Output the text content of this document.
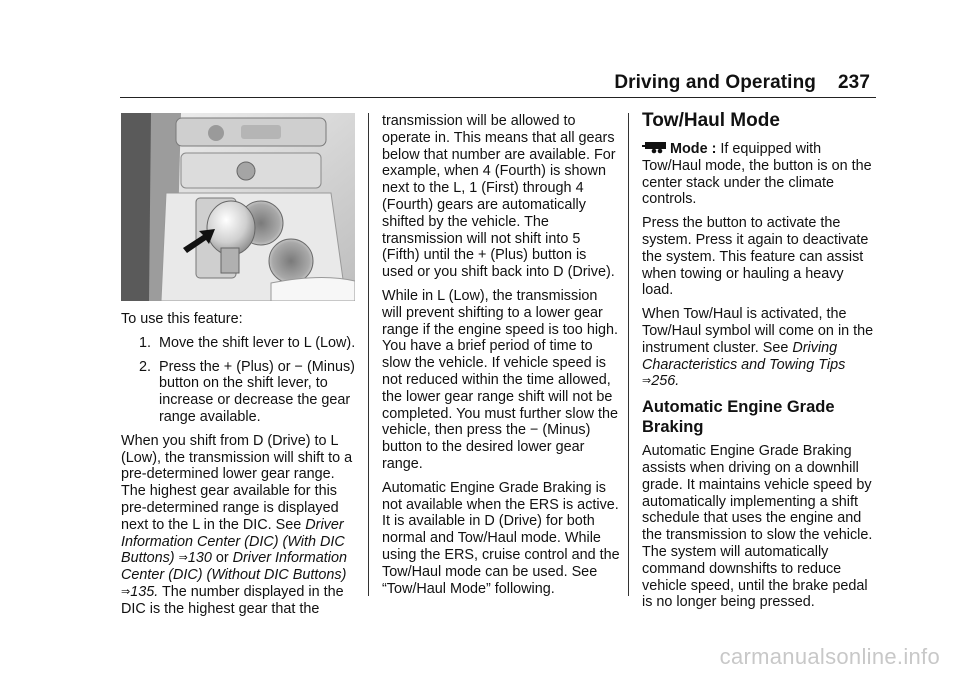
Driving and Operating 237

To use this feature:

1. Move the shift lever to L (Low).
2. Press the + (Plus) or − (Minus) button on the shift lever, to increase or decrease the gear range available.

When you shift from D (Drive) to L (Low), the transmission will shift to a pre-determined lower gear range. The highest gear available for this pre-determined range is displayed next to the L in the DIC. See Driver Information Center (DIC) (With DIC Buttons) ⇒130 or Driver Information Center (DIC) (Without DIC Buttons) ⇒135. The number displayed in the DIC is the highest gear that the

transmission will be allowed to operate in. This means that all gears below that number are available. For example, when 4 (Fourth) is shown next to the L, 1 (First) through 4 (Fourth) gears are automatically shifted by the vehicle. The transmission will not shift into 5 (Fifth) until the + (Plus) button is used or you shift back into D (Drive).

While in L (Low), the transmission will prevent shifting to a lower gear range if the engine speed is too high. You have a brief period of time to slow the vehicle. If vehicle speed is not reduced within the time allowed, the lower gear range shift will not be completed. You must further slow the vehicle, then press the − (Minus) button to the desired lower gear range.

Automatic Engine Grade Braking is not available when the ERS is active. It is available in D (Drive) for both normal and Tow/Haul mode. While using the ERS, cruise control and the Tow/Haul mode can be used. See “Tow/Haul Mode” following.

Tow/Haul Mode

Mode : If equipped with Tow/Haul mode, the button is on the center stack under the climate controls.

Press the button to activate the system. Press it again to deactivate the system. This feature can assist when towing or hauling a heavy load.

When Tow/Haul is activated, the Tow/Haul symbol will come on in the instrument cluster. See Driving Characteristics and Towing Tips ⇒256.

Automatic Engine Grade Braking

Automatic Engine Grade Braking assists when driving on a downhill grade. It maintains vehicle speed by automatically implementing a shift schedule that uses the engine and the transmission to slow the vehicle. The system will automatically command downshifts to reduce vehicle speed, until the brake pedal is no longer being pressed.

carmanualsonline.info
